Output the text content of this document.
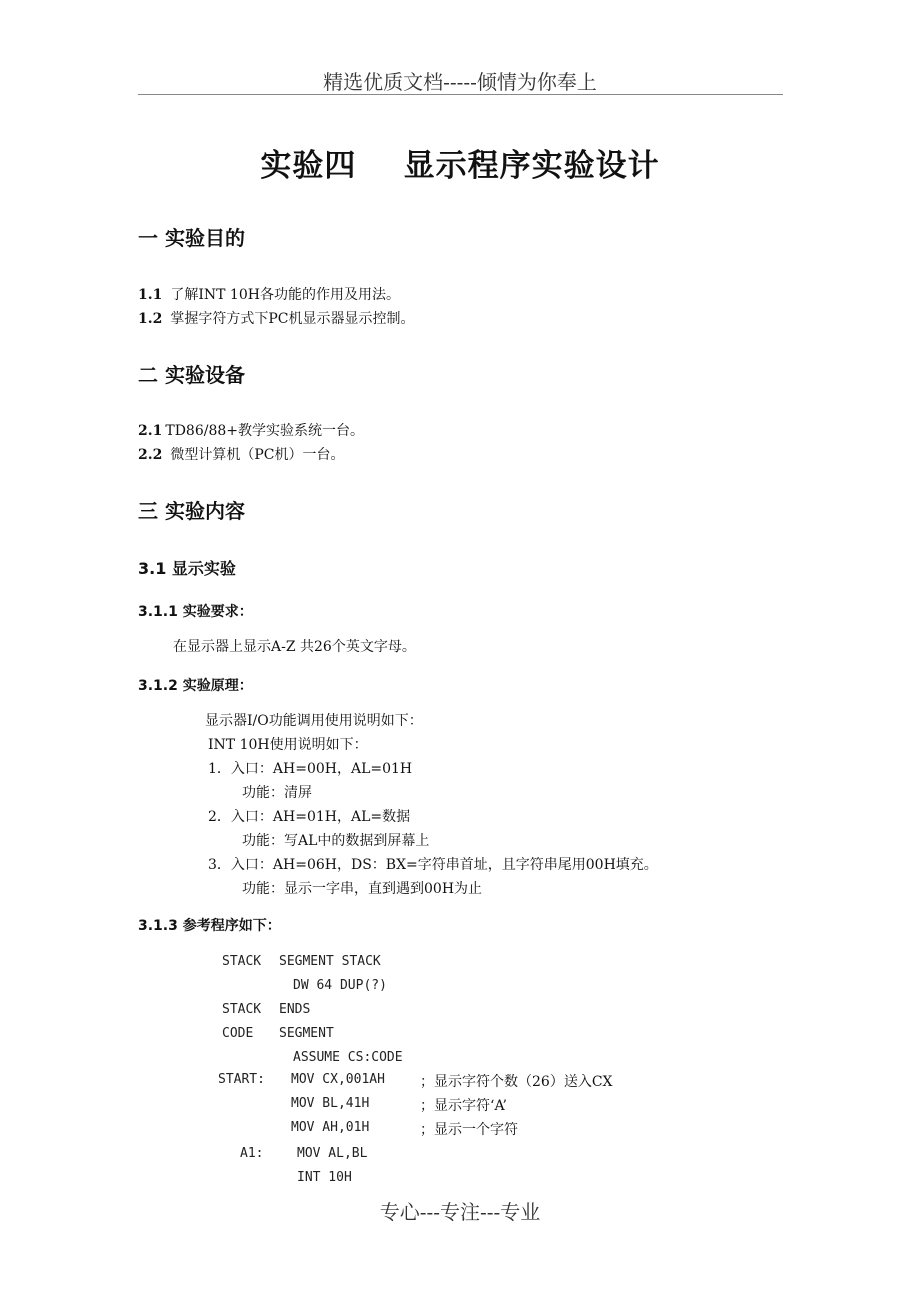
精选优质文档-----倾情为你奉上
实验四    显示程序实验设计
一 实验目的
1.1 了解INT 10H各功能的作用及用法。
1.2 掌握字符方式下PC机显示器显示控制。
二 实验设备
2.1 TD86/88+教学实验系统一台。
2.2 微型计算机（PC机）一台。
三 实验内容
3.1 显示实验
3.1.1 实验要求：
在显示器上显示A-Z 共26个英文字母。
3.1.2 实验原理：
显示器I/O功能调用使用说明如下：
INT 10H使用说明如下：
1．入口：AH=00H，AL=01H
功能：清屏
2．入口：AH=01H，AL=数据
功能：写AL中的数据到屏幕上
3．入口：AH=06H，DS：BX=字符串首址，且字符串尾用00H填充。
功能：显示一字串，直到遇到00H为止
3.1.3 参考程序如下：
STACK SEGMENT STACK
DW 64 DUP(?)
STACK ENDS
CODE SEGMENT
ASSUME CS:CODE
START: MOV CX,001AH	；显示字符个数（26）送入CX
MOV BL,41H	；显示字符‘A’
MOV AH,01H	；显示一个字符
A1:	MOV AL,BL
INT 10H
专心---专注---专业
